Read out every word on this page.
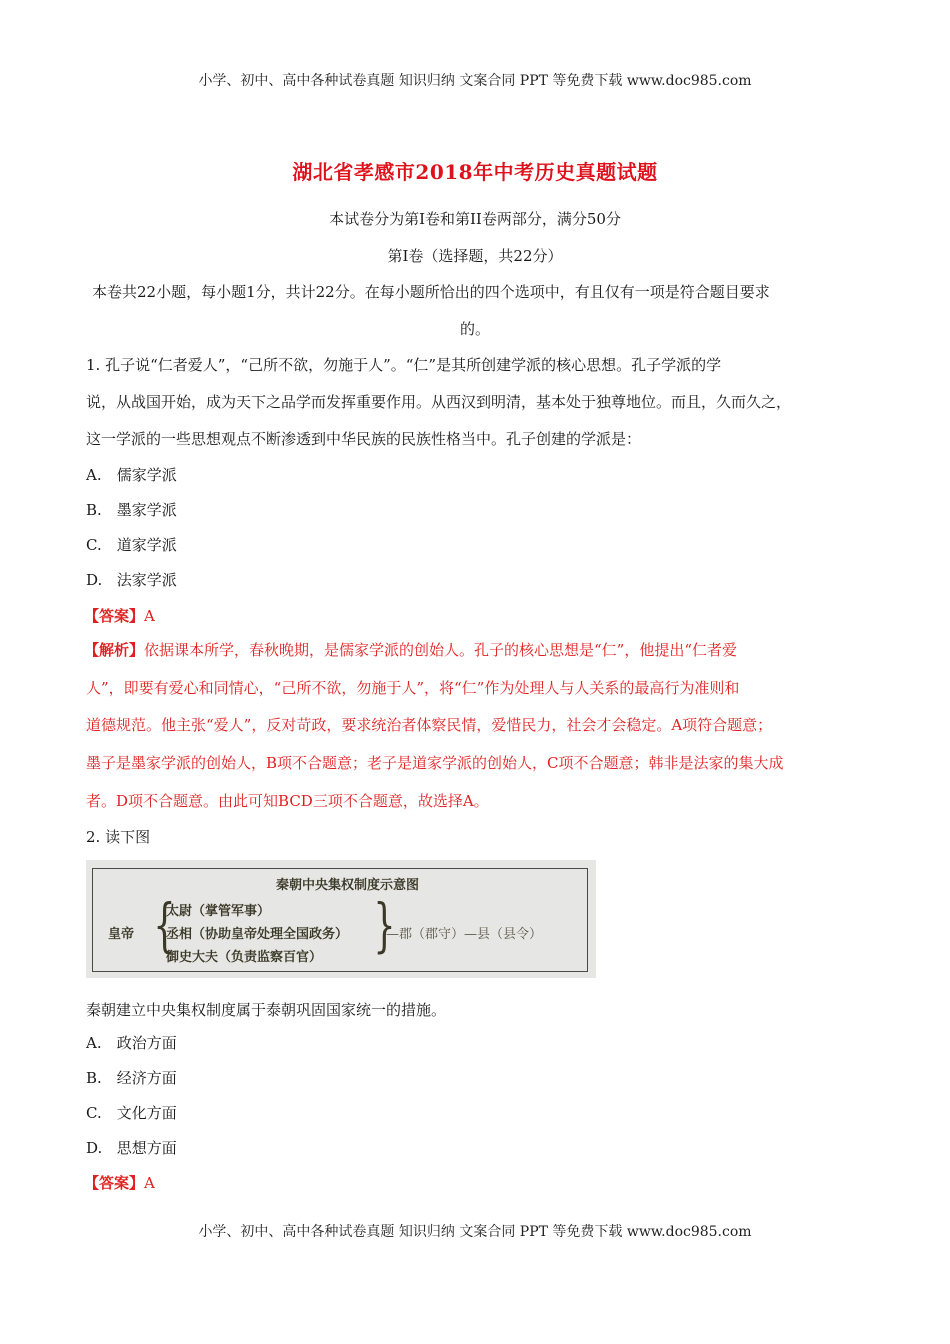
小学、初中、高中各种试卷真题 知识归纳 文案合同 PPT 等免费下载 www.doc985.com
湖北省孝感市2018年中考历史真题试题
本试卷分为第I卷和第II卷两部分，满分50分
第I卷（选择题，共22分）
本卷共22小题，每小题1分，共计22分。在每小题所恰出的四个选项中，有且仅有一项是符合题目要求
的。
1. 孔子说“仁者爱人”，“己所不欲，勿施于人”。“仁”是其所创建学派的核心思想。孔子学派的学
说，从战国开始，成为天下之品学而发挥重要作用。从西汉到明清，基本处于独尊地位。而且，久而久之，
这一学派的一些思想观点不断渗透到中华民族的民族性格当中。孔子创建的学派是：
A. 儒家学派
B. 墨家学派
C. 道家学派
D. 法家学派
【答案】A
【解析】依据课本所学，春秋晚期，是儒家学派的创始人。孔子的核心思想是“仁”，他提出“仁者爱
人”，即要有爱心和同情心，“己所不欲，勿施于人”，将“仁”作为处理人与人关系的最高行为准则和
道德规范。他主张“爱人”，反对苛政，要求统治者体察民情，爱惜民力，社会才会稳定。A项符合题意；
墨子是墨家学派的创始人，B项不合题意；老子是道家学派的创始人，C项不合题意；韩非是法家的集大成
者。D项不合题意。由此可知BCD三项不合题意，故选择A。
2. 读下图
秦朝中央集权制度示意图
皇帝 {
太尉（掌管军事）
丞相（协助皇帝处理全国政务）
御史大夫（负责监察百官） }
—郡（郡守）—县（县令）
秦朝建立中央集权制度属于泰朝巩固国家统一的措施。
A. 政治方面
B. 经济方面
C. 文化方面
D. 思想方面
【答案】A
小学、初中、高中各种试卷真题 知识归纳 文案合同 PPT 等免费下载 www.doc985.com
